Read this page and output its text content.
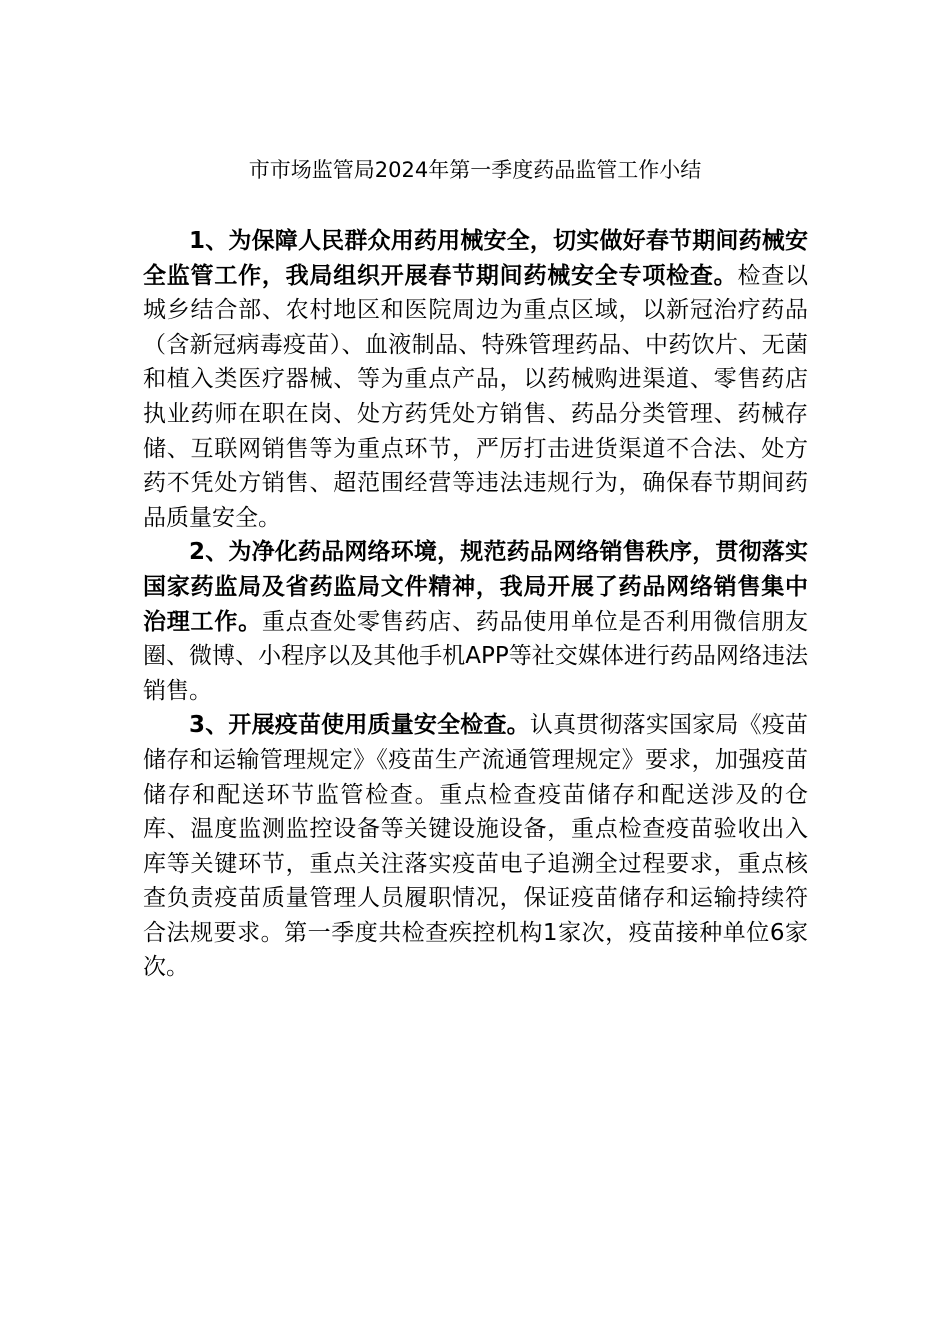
市市场监管局2024年第一季度药品监管工作小结

1、为保障人民群众用药用械安全，切实做好春节期间药械安全监管工作，我局组织开展春节期间药械安全专项检查。检查以城乡结合部、农村地区和医院周边为重点区域，以新冠治疗药品（含新冠病毒疫苗）、血液制品、特殊管理药品、中药饮片、无菌和植入类医疗器械、等为重点产品，以药械购进渠道、零售药店执业药师在职在岗、处方药凭处方销售、药品分类管理、药械存储、互联网销售等为重点环节，严厉打击进货渠道不合法、处方药不凭处方销售、超范围经营等违法违规行为，确保春节期间药品质量安全。

2、为净化药品网络环境，规范药品网络销售秩序，贯彻落实国家药监局及省药监局文件精神，我局开展了药品网络销售集中治理工作。重点查处零售药店、药品使用单位是否利用微信朋友圈、微博、小程序以及其他手机APP等社交媒体进行药品网络违法销售。

3、开展疫苗使用质量安全检查。认真贯彻落实国家局《疫苗储存和运输管理规定》《疫苗生产流通管理规定》要求，加强疫苗储存和配送环节监管检查。重点检查疫苗储存和配送涉及的仓库、温度监测监控设备等关键设施设备，重点检查疫苗验收出入库等关键环节，重点关注落实疫苗电子追溯全过程要求，重点核查负责疫苗质量管理人员履职情况，保证疫苗储存和运输持续符合法规要求。第一季度共检查疾控机构1家次，疫苗接种单位6家次。
